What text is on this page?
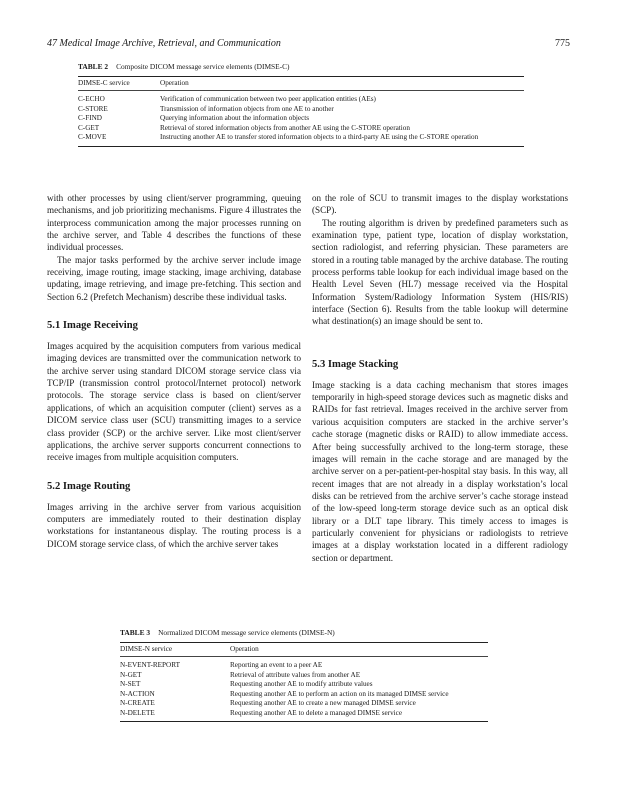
47 Medical Image Archive, Retrieval, and Communication	775
TABLE 2 Composite DICOM message service elements (DIMSE-C)
DIMSE-C service	Operation
C-ECHO	Verification of communication between two peer application entities (AEs)
C-STORE	Transmission of information objects from one AE to another
C-FIND	Querying information about the information objects
C-GET	Retrieval of stored information objects from another AE using the C-STORE operation
C-MOVE	Instructing another AE to transfer stored information objects to a third-party AE using the C-STORE operation

with other processes by using client/server programming, queuing mechanisms, and job prioritizing mechanisms. Figure 4 illustrates the interprocess communication among the major processes running on the archive server, and Table 4 describes the functions of these individual processes.

The major tasks performed by the archive server include image receiving, image routing, image stacking, image archiving, database updating, image retrieving, and image pre-fetching. This section and Section 6.2 (Prefetch Mechanism) describe these individual tasks.

5.1 Image Receiving

Images acquired by the acquisition computers from various medical imaging devices are transmitted over the communication network to the archive server using standard DICOM storage service class via TCP/IP (transmission control protocol/Internet protocol) network protocols. The storage service class is based on client/server applications, of which an acquisition computer (client) serves as a DICOM service class user (SCU) transmitting images to a service class provider (SCP) or the archive server. Like most client/server applications, the archive server supports concurrent connections to receive images from multiple acquisition computers.

5.2 Image Routing

Images arriving in the archive server from various acquisition computers are immediately routed to their destination display workstations for instantaneous display. The routing process is a DICOM storage service class, of which the archive server takes

on the role of SCU to transmit images to the display workstations (SCP).

The routing algorithm is driven by predefined parameters such as examination type, patient type, location of display workstation, section radiologist, and referring physician. These parameters are stored in a routing table managed by the archive database. The routing process performs table lookup for each individual image based on the Health Level Seven (HL7) message received via the Hospital Information System/Radiology Information System (HIS/RIS) interface (Section 6). Results from the table lookup will determine what destination(s) an image should be sent to.

5.3 Image Stacking

Image stacking is a data caching mechanism that stores images temporarily in high-speed storage devices such as magnetic disks and RAIDs for fast retrieval. Images received in the archive server from various acquisition computers are stacked in the archive server’s cache storage (magnetic disks or RAID) to allow immediate access. After being successfully archived to the long-term storage, these images will remain in the cache storage and are managed by the archive server on a per-patient-per-hospital stay basis. In this way, all recent images that are not already in a display workstation’s local disks can be retrieved from the archive server’s cache storage instead of the low-speed long-term storage device such as an optical disk library or a DLT tape library. This timely access to images is particularly convenient for physicians or radiologists to retrieve images at a display workstation located in a different radiology section or department.

TABLE 3 Normalized DICOM message service elements (DIMSE-N)
DIMSE-N service	Operation
N-EVENT-REPORT	Reporting an event to a peer AE
N-GET	Retrieval of attribute values from another AE
N-SET	Requesting another AE to modify attribute values
N-ACTION	Requesting another AE to perform an action on its managed DIMSE service
N-CREATE	Requesting another AE to create a new managed DIMSE service
N-DELETE	Requesting another AE to delete a managed DIMSE service
